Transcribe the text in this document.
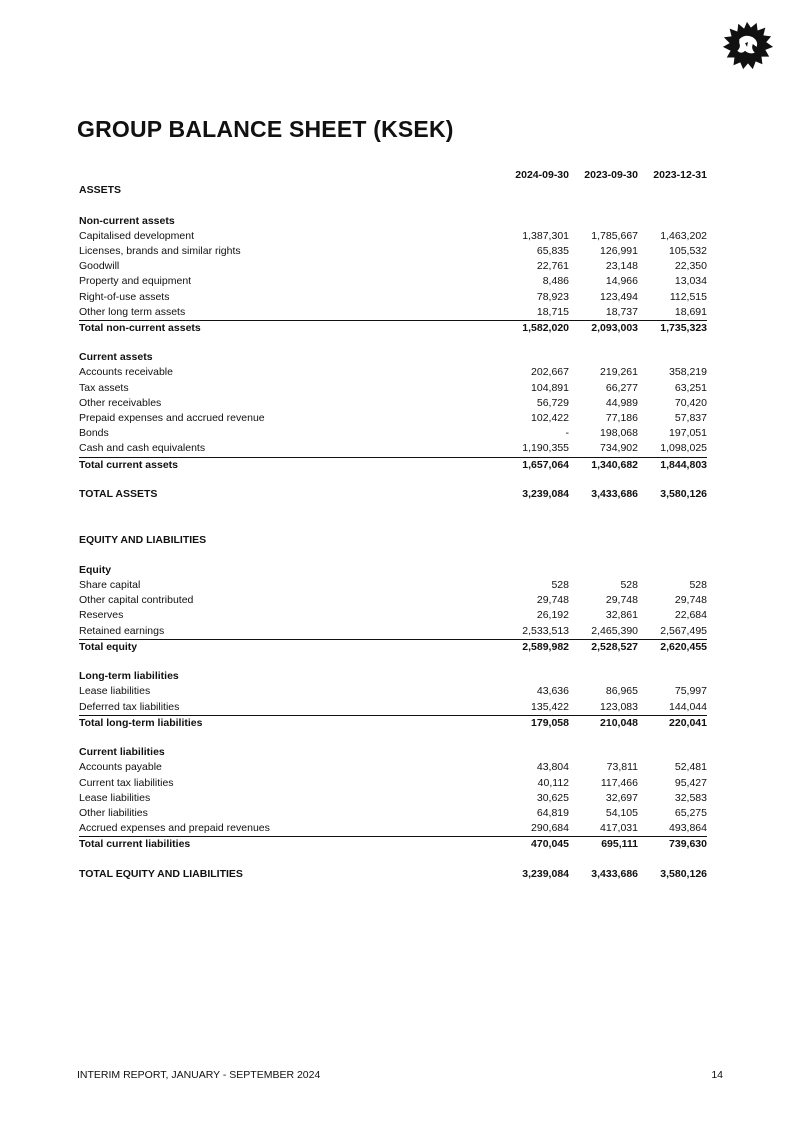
GROUP BALANCE SHEET (KSEK)
2024-09-30	2023-09-30	2023-12-31
ASSETS
Non-current assets
Capitalised development	1,387,301	1,785,667	1,463,202
Licenses, brands and similar rights	65,835	126,991	105,532
Goodwill	22,761	23,148	22,350
Property and equipment	8,486	14,966	13,034
Right-of-use assets	78,923	123,494	112,515
Other long term assets	18,715	18,737	18,691
Total non-current assets	1,582,020	2,093,003	1,735,323
Current assets
Accounts receivable	202,667	219,261	358,219
Tax assets	104,891	66,277	63,251
Other receivables	56,729	44,989	70,420
Prepaid expenses and accrued revenue	102,422	77,186	57,837
Bonds	-	198,068	197,051
Cash and cash equivalents	1,190,355	734,902	1,098,025
Total current assets	1,657,064	1,340,682	1,844,803
TOTAL ASSETS	3,239,084	3,433,686	3,580,126
EQUITY AND LIABILITIES
Equity
Share capital	528	528	528
Other capital contributed	29,748	29,748	29,748
Reserves	26,192	32,861	22,684
Retained earnings	2,533,513	2,465,390	2,567,495
Total equity	2,589,982	2,528,527	2,620,455
Long-term liabilities
Lease liabilities	43,636	86,965	75,997
Deferred tax liabilities	135,422	123,083	144,044
Total long-term liabilities	179,058	210,048	220,041
Current liabilities
Accounts payable	43,804	73,811	52,481
Current tax liabilities	40,112	117,466	95,427
Lease liabilities	30,625	32,697	32,583
Other liabilities	64,819	54,105	65,275
Accrued expenses and prepaid revenues	290,684	417,031	493,864
Total current liabilities	470,045	695,111	739,630
TOTAL EQUITY AND LIABILITIES	3,239,084	3,433,686	3,580,126
INTERIM REPORT, JANUARY - SEPTEMBER 2024	14
